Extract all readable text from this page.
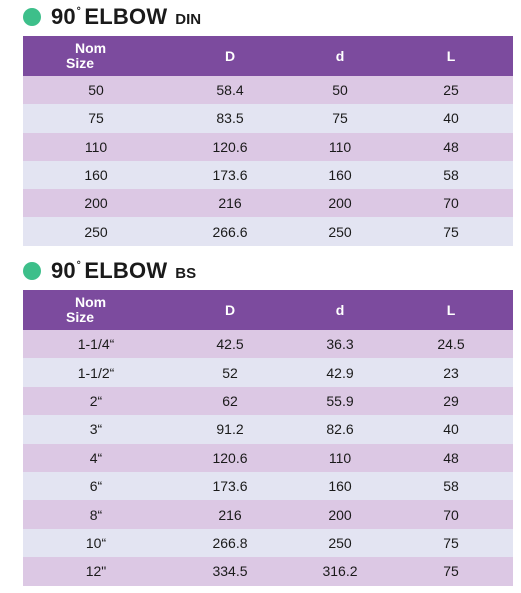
90˚ ELBOW DIN
Nom
Size	D	d	L
50	58.4	50	25
75	83.5	75	40
110	120.6	110	48
160	173.6	160	58
200	216	200	70
250	266.6	250	75
90˚ ELBOW BS
Nom
Size	D	d	L
1-1/4“	42.5	36.3	24.5
1-1/2“	52	42.9	23
2“	62	55.9	29
3“	91.2	82.6	40
4“	120.6	110	48
6“	173.6	160	58
8“	216	200	70
10“	266.8	250	75
12"	334.5	316.2	75
